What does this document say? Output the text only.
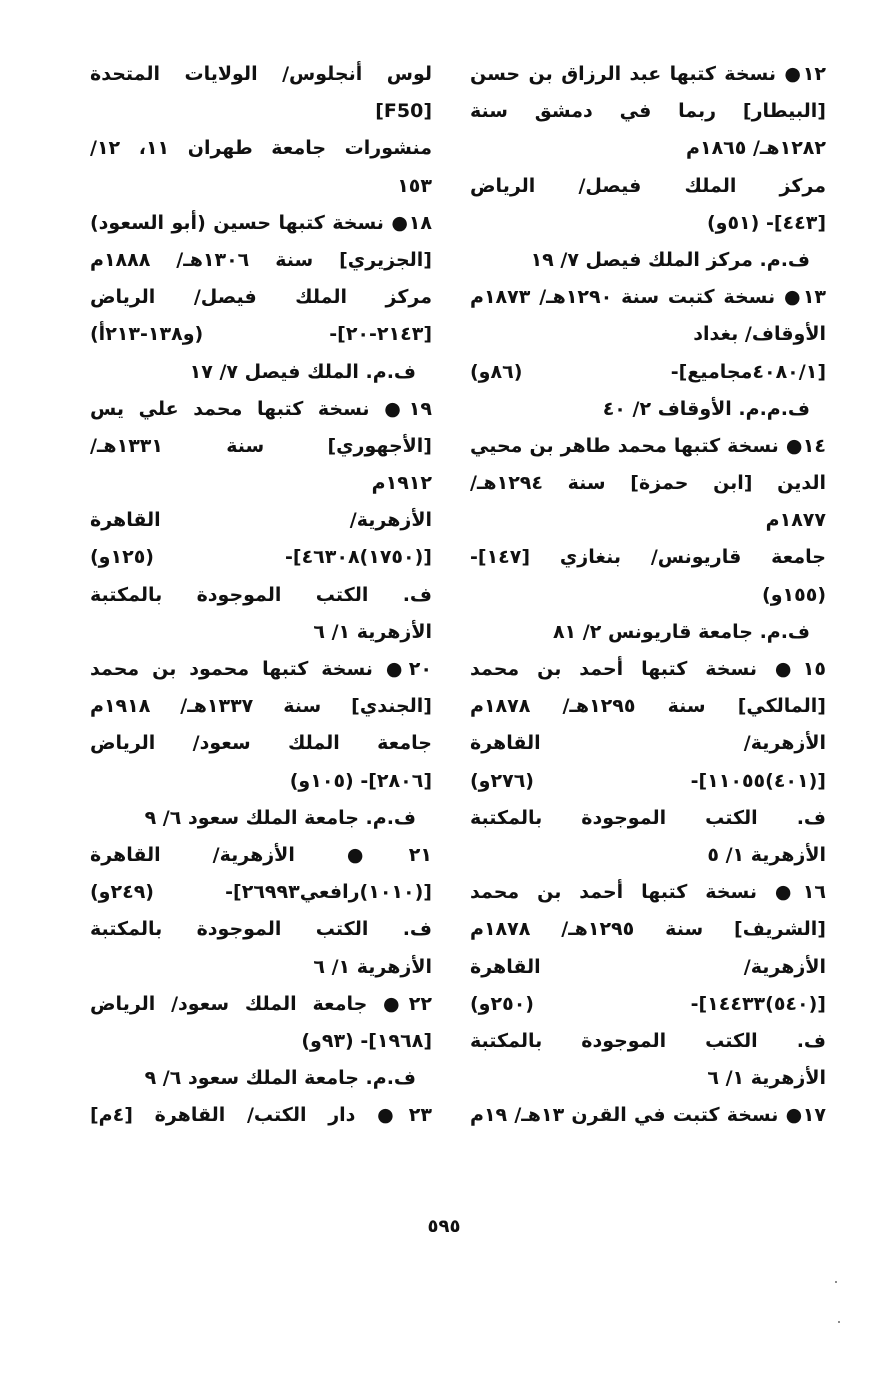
١٢● نسخة كتبها عبد الرزاق بن حسن
[البيطار] ربما في دمشق سنة
١٢٨٢هـ/ ١٨٦٥م
مركز الملك فيصل/ الرياض
[٤٤٣]- (٥١و)
ف.م. مركز الملك فيصل ٧/ ١٩
١٣● نسخة كتبت سنة ١٢٩٠هـ/ ١٨٧٣م
الأوقاف/ بغداد
[٤٠٨٠/١مجاميع]- (٨٦و)
ف.م.م. الأوقاف ٢/ ٤٠
١٤● نسخة كتبها محمد طاهر بن محيي
الدين [ابن حمزة] سنة ١٢٩٤هـ/
١٨٧٧م
جامعة قاريونس/ بنغازي [١٤٧]-
(١٥٥و)
ف.م. جامعة قاريونس ٢/ ٨١
١٥● نسخة كتبها أحمد بن محمد
[المالكي] سنة ١٢٩٥هـ/ ١٨٧٨م
الأزهرية/ القاهرة
[(٤٠١)١١٠٥٥]- (٢٧٦و)
ف. الكتب الموجودة بالمكتبة
الأزهرية ١/ ٥
١٦● نسخة كتبها أحمد بن محمد
[الشريف] سنة ١٢٩٥هـ/ ١٨٧٨م
الأزهرية/ القاهرة
[(٥٤٠)١٤٤٣٣]- (٢٥٠و)
ف. الكتب الموجودة بالمكتبة
الأزهرية ١/ ٦
١٧● نسخة كتبت في القرن ١٣هـ/ ١٩م
لوس أنجلوس/ الولايات المتحدة
[F50]
منشورات جامعة طهران ١١، ١٢/
١٥٣
١٨● نسخة كتبها حسين (أبو السعود)
[الجزيري] سنة ١٣٠٦هـ/ ١٨٨٨م
مركز الملك فيصل/ الرياض
[٢١٤٣-٢٠]- (و١٣٨-٢١٣أ)
ف.م. الملك فيصل ٧/ ١٧
١٩● نسخة كتبها محمد علي يس
[الأجهوري] سنة ١٣٣١هـ/
١٩١٢م
الأزهرية/ القاهرة
[(١٧٥٠)٤٦٣٠٨]- (١٢٥و)
ف. الكتب الموجودة بالمكتبة
الأزهرية ١/ ٦
٢٠● نسخة كتبها محمود بن محمد
[الجندي] سنة ١٣٣٧هـ/ ١٩١٨م
جامعة الملك سعود/ الرياض
[٢٨٠٦]- (١٠٥و)
ف.م. جامعة الملك سعود ٦/ ٩
٢١● الأزهرية/ القاهرة
[(١٠١٠)رافعي٢٦٩٩٣]- (٢٤٩و)
ف. الكتب الموجودة بالمكتبة
الأزهرية ١/ ٦
٢٢● جامعة الملك سعود/ الرياض
[١٩٦٨]- (٩٣و)
ف.م. جامعة الملك سعود ٦/ ٩
٢٣● دار الكتب/ القاهرة [٤م]
٥٩٥
